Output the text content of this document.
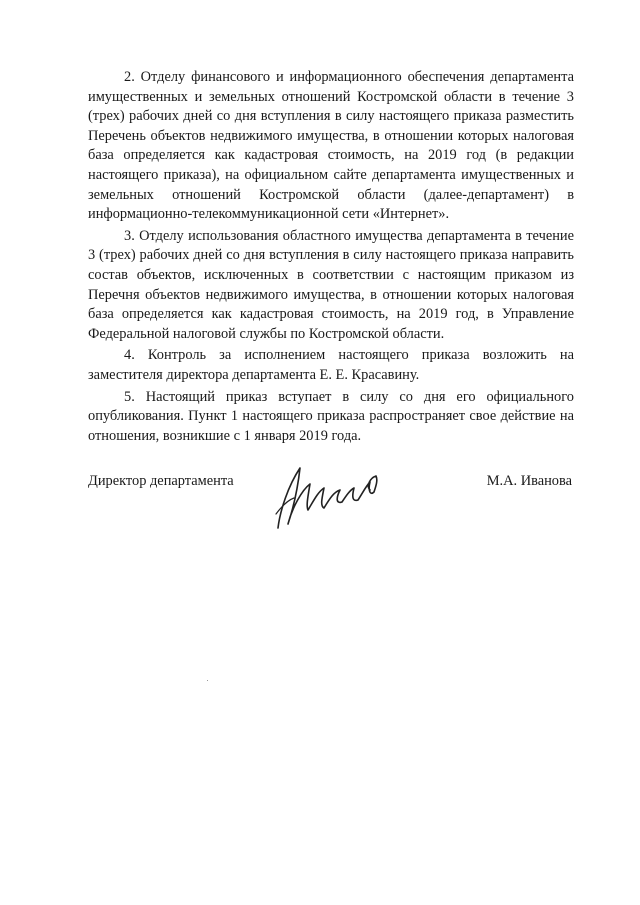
2. Отделу финансового и информационного обеспечения департамента имущественных и земельных отношений Костромской области в течение 3 (трех) рабочих дней со дня вступления в силу настоящего приказа разместить Перечень объектов недвижимого имущества, в отношении которых налоговая база определяется как кадастровая стоимость, на 2019 год (в редакции настоящего приказа), на официальном сайте департамента имущественных и земельных отношений Костромской области (далее-департамент) в информационно-телекоммуникационной сети «Интернет».

3. Отделу использования областного имущества департамента в течение 3 (трех) рабочих дней со дня вступления в силу настоящего приказа направить состав объектов, исключенных в соответствии с настоящим приказом из Перечня объектов недвижимого имущества, в отношении которых налоговая база определяется как кадастровая стоимость, на 2019 год, в Управление Федеральной налоговой службы по Костромской области.

4. Контроль за исполнением настоящего приказа возложить на заместителя директора департамента Е. Е. Красавину.

5. Настоящий приказ вступает в силу со дня его официального опубликования. Пункт 1 настоящего приказа распространяет свое действие на отношения, возникшие с 1 января 2019 года.

Директор департамента	М.А. Иванова
